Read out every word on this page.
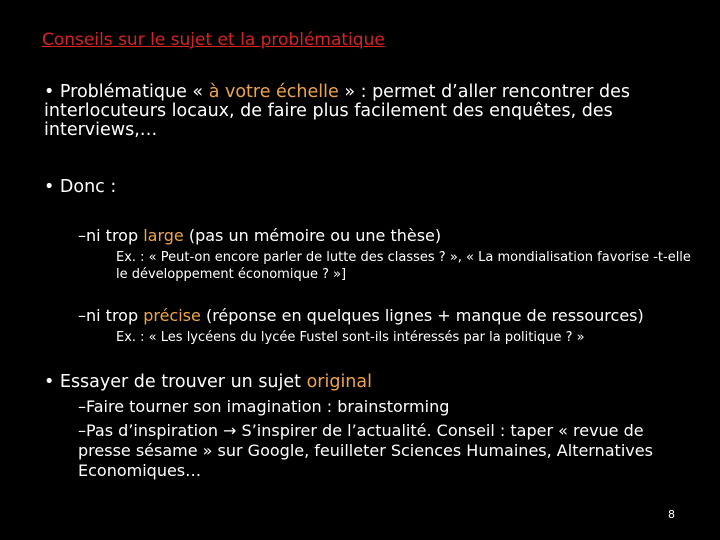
Conseils sur le sujet et la problématique
• Problématique « à votre échelle » : permet d’aller rencontrer des interlocuteurs locaux, de faire plus facilement des enquêtes, des interviews,…
• Donc :
–ni trop large (pas un mémoire ou une thèse)
Ex. : « Peut-on encore parler de lutte des classes ? », « La mondialisation favorise -t-elle le développement économique ? »]
–ni trop précise (réponse en quelques lignes + manque de ressources)
Ex. : « Les lycéens du lycée Fustel sont-ils intéressés par la politique ? »
• Essayer de trouver un sujet original
–Faire tourner son imagination : brainstorming
–Pas d’inspiration → S’inspirer de l’actualité. Conseil : taper « revue de presse sésame » sur Google, feuilleter Sciences Humaines, Alternatives Economiques…
8
